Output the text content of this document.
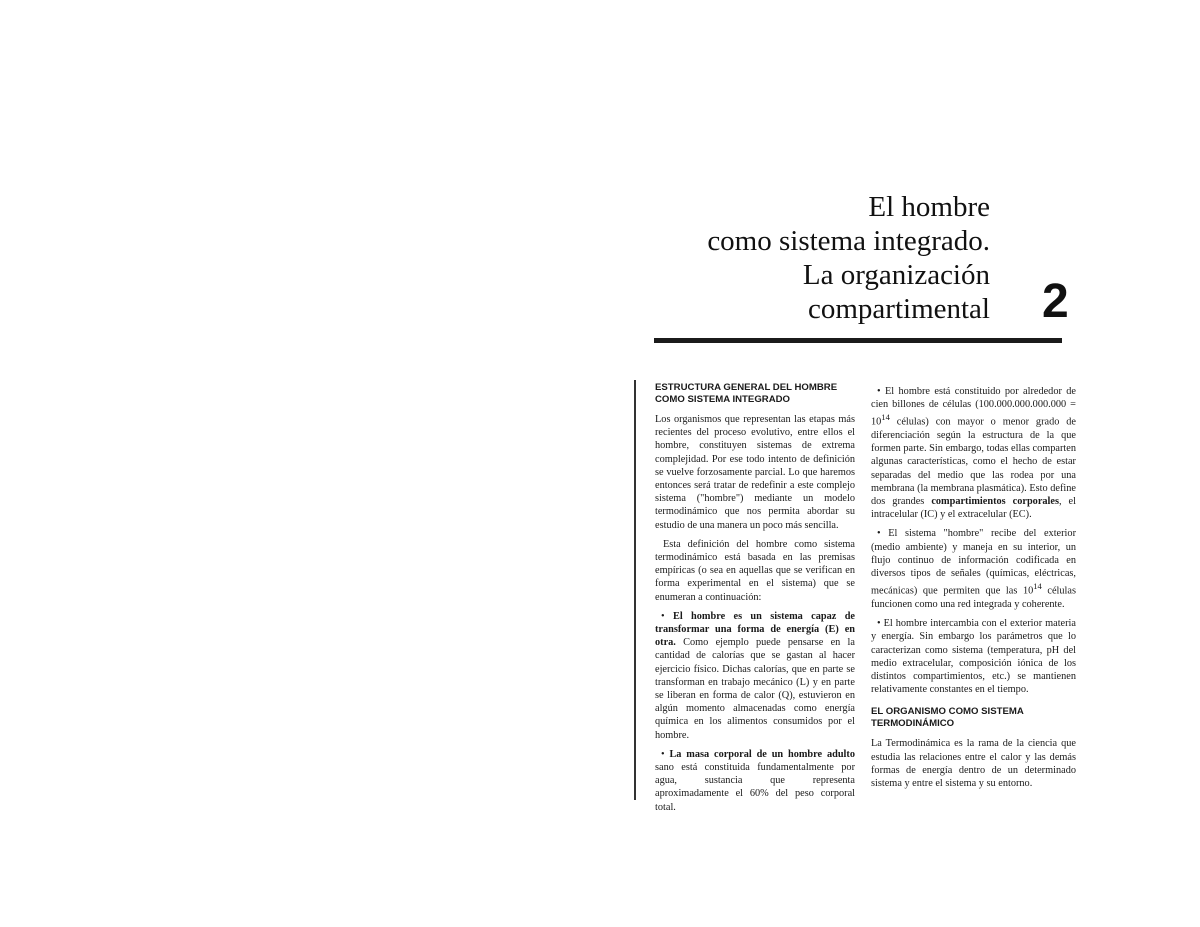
El hombre
como sistema integrado.
La organización
compartimental 2
ESTRUCTURA GENERAL DEL HOMBRE COMO SISTEMA INTEGRADO

Los organismos que representan las etapas más recientes del proceso evolutivo, entre ellos el hombre, constituyen sistemas de extrema complejidad. Por ese todo intento de definición se vuelve forzosamente parcial. Lo que haremos entonces será tratar de redefinir a este complejo sistema ("hombre") mediante un modelo termodinámico que nos permita abordar su estudio de una manera un poco más sencilla.

Esta definición del hombre como sistema termodinámico está basada en las premisas empíricas (o sea en aquellas que se verifican en forma experimental en el sistema) que se enumeran a continuación:

• El hombre es un sistema capaz de transformar una forma de energía (E) en otra. Como ejemplo puede pensarse en la cantidad de calorías que se gastan al hacer ejercicio físico. Dichas calorías, que en parte se transforman en trabajo mecánico (L) y en parte se liberan en forma de calor (Q), estuvieron en algún momento almacenadas como energía química en los alimentos consumidos por el hombre.

• La masa corporal de un hombre adulto sano está constituida fundamentalmente por agua, sustancia que representa aproximadamente el 60% del peso corporal total.

• El hombre está constituido por alrededor de cien billones de células ($100.000.000.000.000 = 10^{14}$ células) con mayor o menor grado de diferenciación según la estructura de la que formen parte. Sin embargo, todas ellas comparten algunas características, como el hecho de estar separadas del medio que las rodea por una membrana (la membrana plasmática). Esto define dos grandes compartimientos corporales, el intracelular (IC) y el extracelular (EC).

• El sistema "hombre" recibe del exterior (medio ambiente) y maneja en su interior, un flujo continuo de información codificada en diversos tipos de señales (químicas, eléctricas, mecánicas) que permiten que las $10^{14}$ células funcionen como una red integrada y coherente.

• El hombre intercambia con el exterior materia y energía. Sin embargo los parámetros que lo caracterizan como sistema (temperatura, pH del medio extracelular, composición iónica de los distintos compartimientos, etc.) se mantienen relativamente constantes en el tiempo.

EL ORGANISMO COMO SISTEMA TERMODINÁMICO

La Termodinámica es la rama de la ciencia que estudia las relaciones entre el calor y las demás formas de energía dentro de un determinado sistema y entre el sistema y su entorno.
